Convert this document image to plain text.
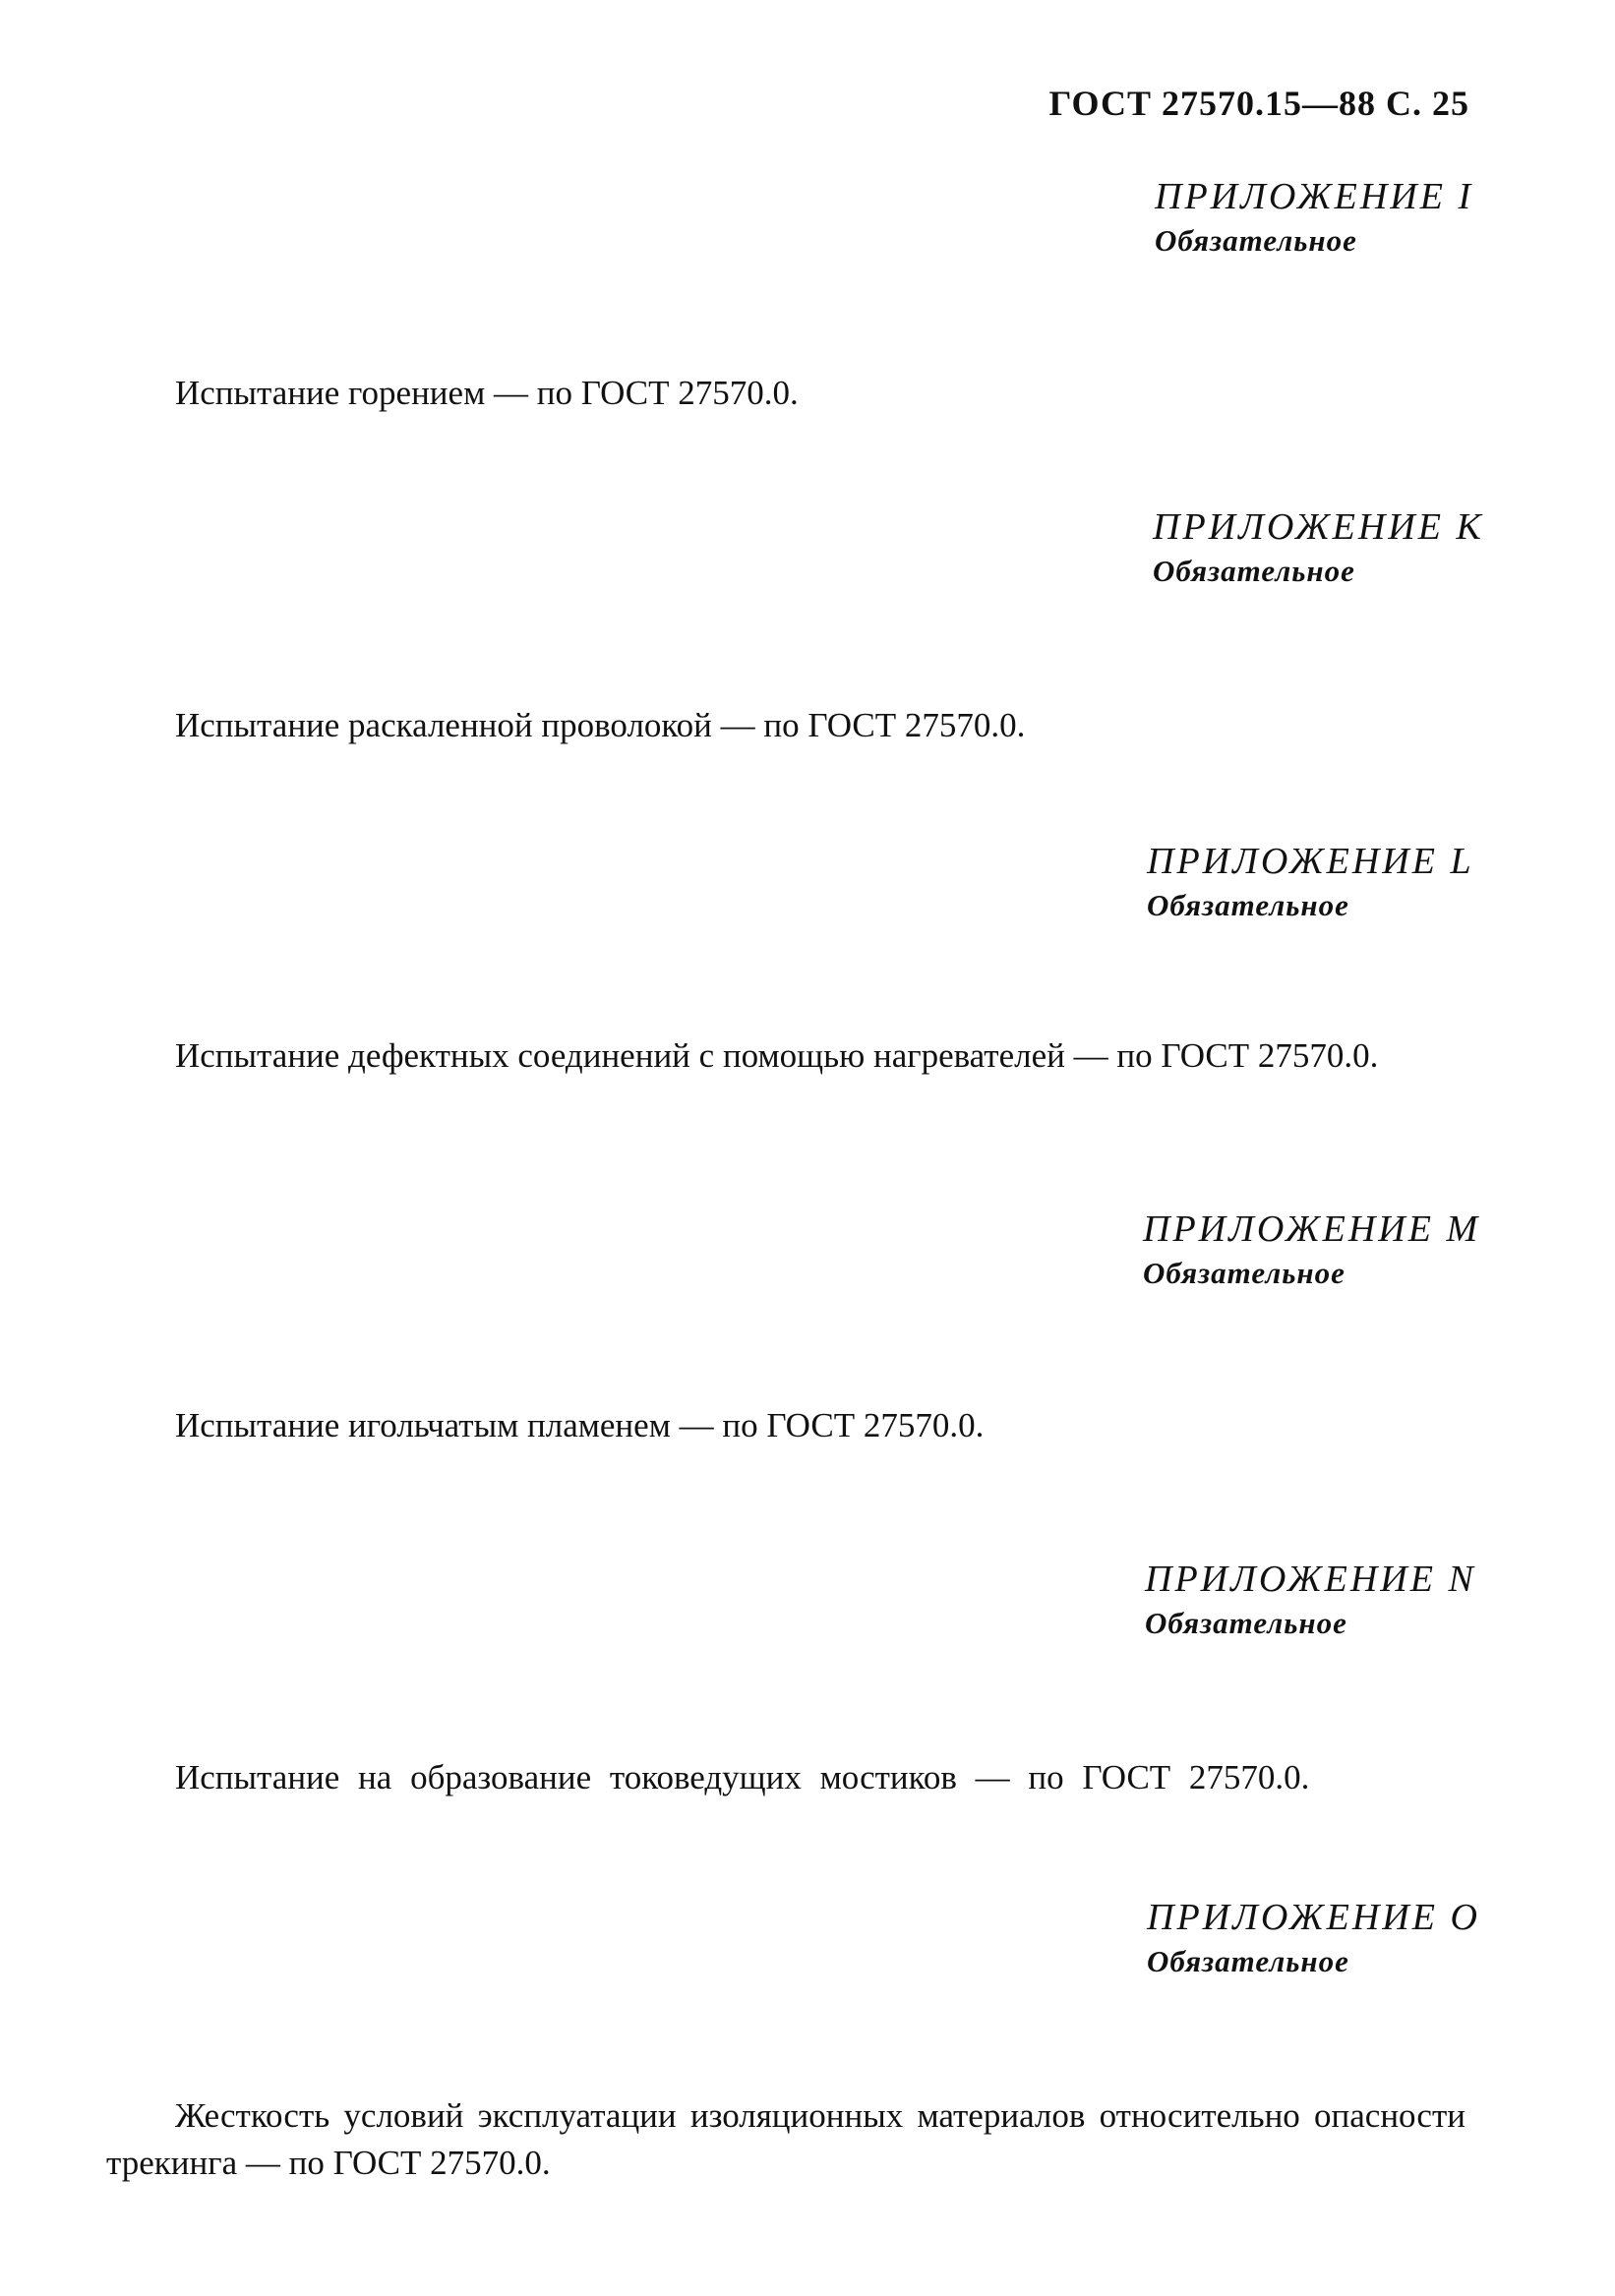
ГОСТ 27570.15—88 С. 25
ПРИЛОЖЕНИЕ I
Обязательное
Испытание горением — по ГОСТ 27570.0.
ПРИЛОЖЕНИЕ К
Обязательное
Испытание раскаленной проволокой — по ГОСТ 27570.0.
ПРИЛОЖЕНИЕ L
Обязательное
Испытание дефектных соединений с помощью нагревателей — по ГОСТ 27570.0.
ПРИЛОЖЕНИЕ М
Обязательное
Испытание игольчатым пламенем — по ГОСТ 27570.0.
ПРИЛОЖЕНИЕ N
Обязательное
Испытание на образование токоведущих мостиков — по ГОСТ 27570.0.
ПРИЛОЖЕНИЕ О
Обязательное
Жесткость условий эксплуатации изоляционных материалов относительно опасности трекинга — по ГОСТ 27570.0.
